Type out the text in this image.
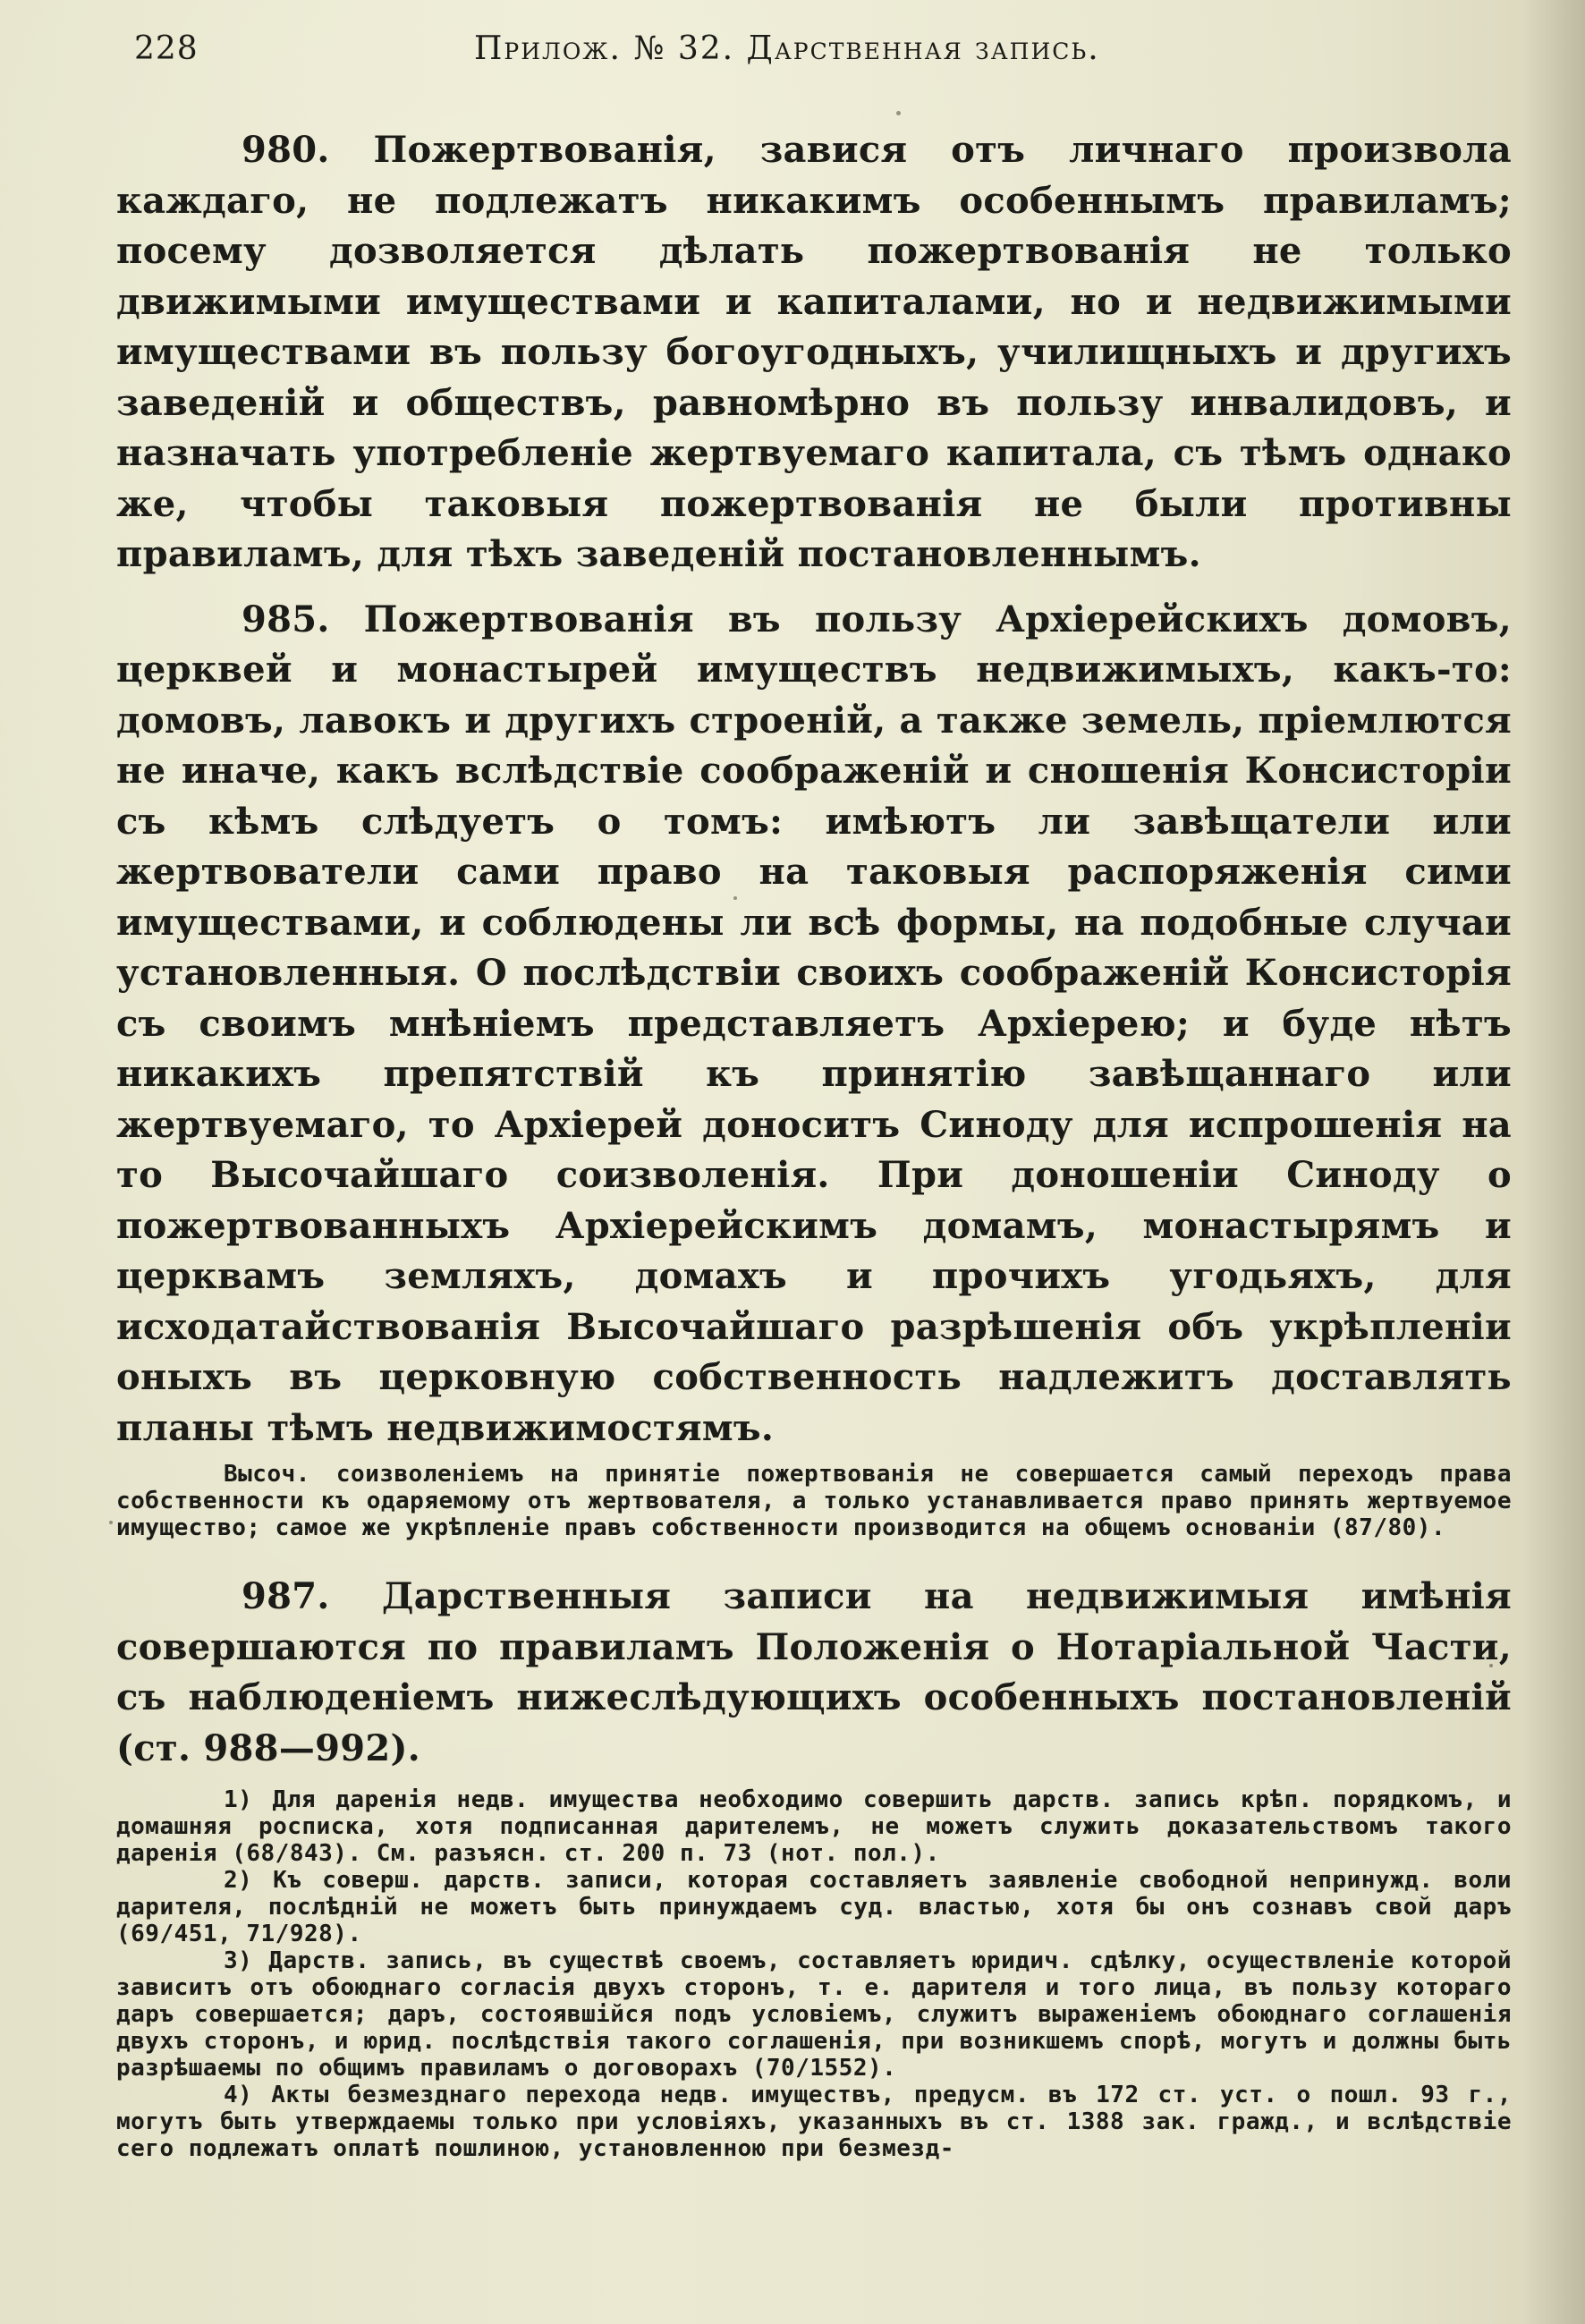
228	Прилож. № 32. Дарственная запись.

980. Пожертвованія, завися отъ личнаго произвола каждаго, не подлежатъ никакимъ особеннымъ правиламъ; посему дозволяется дѣлать пожертвованія не только движимыми имуществами и капиталами, но и недвижимыми имуществами въ пользу богоугодныхъ, училищныхъ и другихъ заведеній и обществъ, равномѣрно въ пользу инвалидовъ, и назначать употребленіе жертвуемаго капитала, съ тѣмъ однако же, чтобы таковыя пожертвованія не были противны правиламъ, для тѣхъ заведеній постановленнымъ.

985. Пожертвованія въ пользу Архіерейскихъ домовъ, церквей и монастырей имуществъ недвижимыхъ, какъ-то: домовъ, лавокъ и другихъ строеній, а также земель, пріемлются не иначе, какъ вслѣдствіе соображеній и сношенія Консисторіи съ кѣмъ слѣдуетъ о томъ: имѣютъ ли завѣщатели или жертвователи сами право на таковыя распоряженія сими имуществами, и соблюдены ли всѣ формы, на подобные случаи установленныя. О послѣдствіи своихъ соображеній Консисторія съ своимъ мнѣніемъ представляетъ Архіерею; и буде нѣтъ никакихъ препятствій къ принятію завѣщаннаго или жертвуемаго, то Архіерей доноситъ Синоду для испрошенія на то Высочайшаго соизволенія. При доношеніи Синоду о пожертвованныхъ Архіерейскимъ домамъ, монастырямъ и церквамъ земляхъ, домахъ и прочихъ угодьяхъ, для исходатайствованія Высочайшаго разрѣшенія объ укрѣпленіи оныхъ въ церковную собственность надлежитъ доставлять планы тѣмъ недвижимостямъ.

Высоч. соизволеніемъ на принятіе пожертвованія не совершается самый переходъ права собственности къ одаряемому отъ жертвователя, а только устанавливается право принять жертвуемое имущество; самое же укрѣпленіе правъ собственности производится на общемъ основаніи (87/80).

987. Дарственныя записи на недвижимыя имѣнія совершаются по правиламъ Положенія о Нотаріальной Части, съ наблюденіемъ нижеслѣдующихъ особенныхъ постановленій (ст. 988—992).

1) Для даренія недв. имущества необходимо совершить дарств. запись крѣп. порядкомъ, и домашняя росписка, хотя подписанная дарителемъ, не можетъ служить доказательствомъ такого даренія (68/843). См. разъясн. ст. 200 п. 73 (нот. пол.).

2) Къ соверш. дарств. записи, которая составляетъ заявленіе свободной непринужд. воли дарителя, послѣдній не можетъ быть принуждаемъ суд. властью, хотя бы онъ сознавъ свой даръ (69/451, 71/928).

3) Дарств. запись, въ существѣ своемъ, составляетъ юридич. сдѣлку, осуществленіе которой зависитъ отъ обоюднаго согласія двухъ сторонъ, т. е. дарителя и того лица, въ пользу котораго даръ совершается; даръ, состоявшійся подъ условіемъ, служитъ выраженіемъ обоюднаго соглашенія двухъ сторонъ, и юрид. послѣдствія такого соглашенія, при возникшемъ спорѣ, могутъ и должны быть разрѣшаемы по общимъ правиламъ о договорахъ (70/1552).

4) Акты безмезднаго перехода недв. имуществъ, предусм. въ 172 ст. уст. о пошл. 93 г., могутъ быть утверждаемы только при условіяхъ, указанныхъ въ ст. 1388 зак. гражд., и вслѣдствіе сего подлежатъ оплатѣ пошлиною, установленною при безмезд-
